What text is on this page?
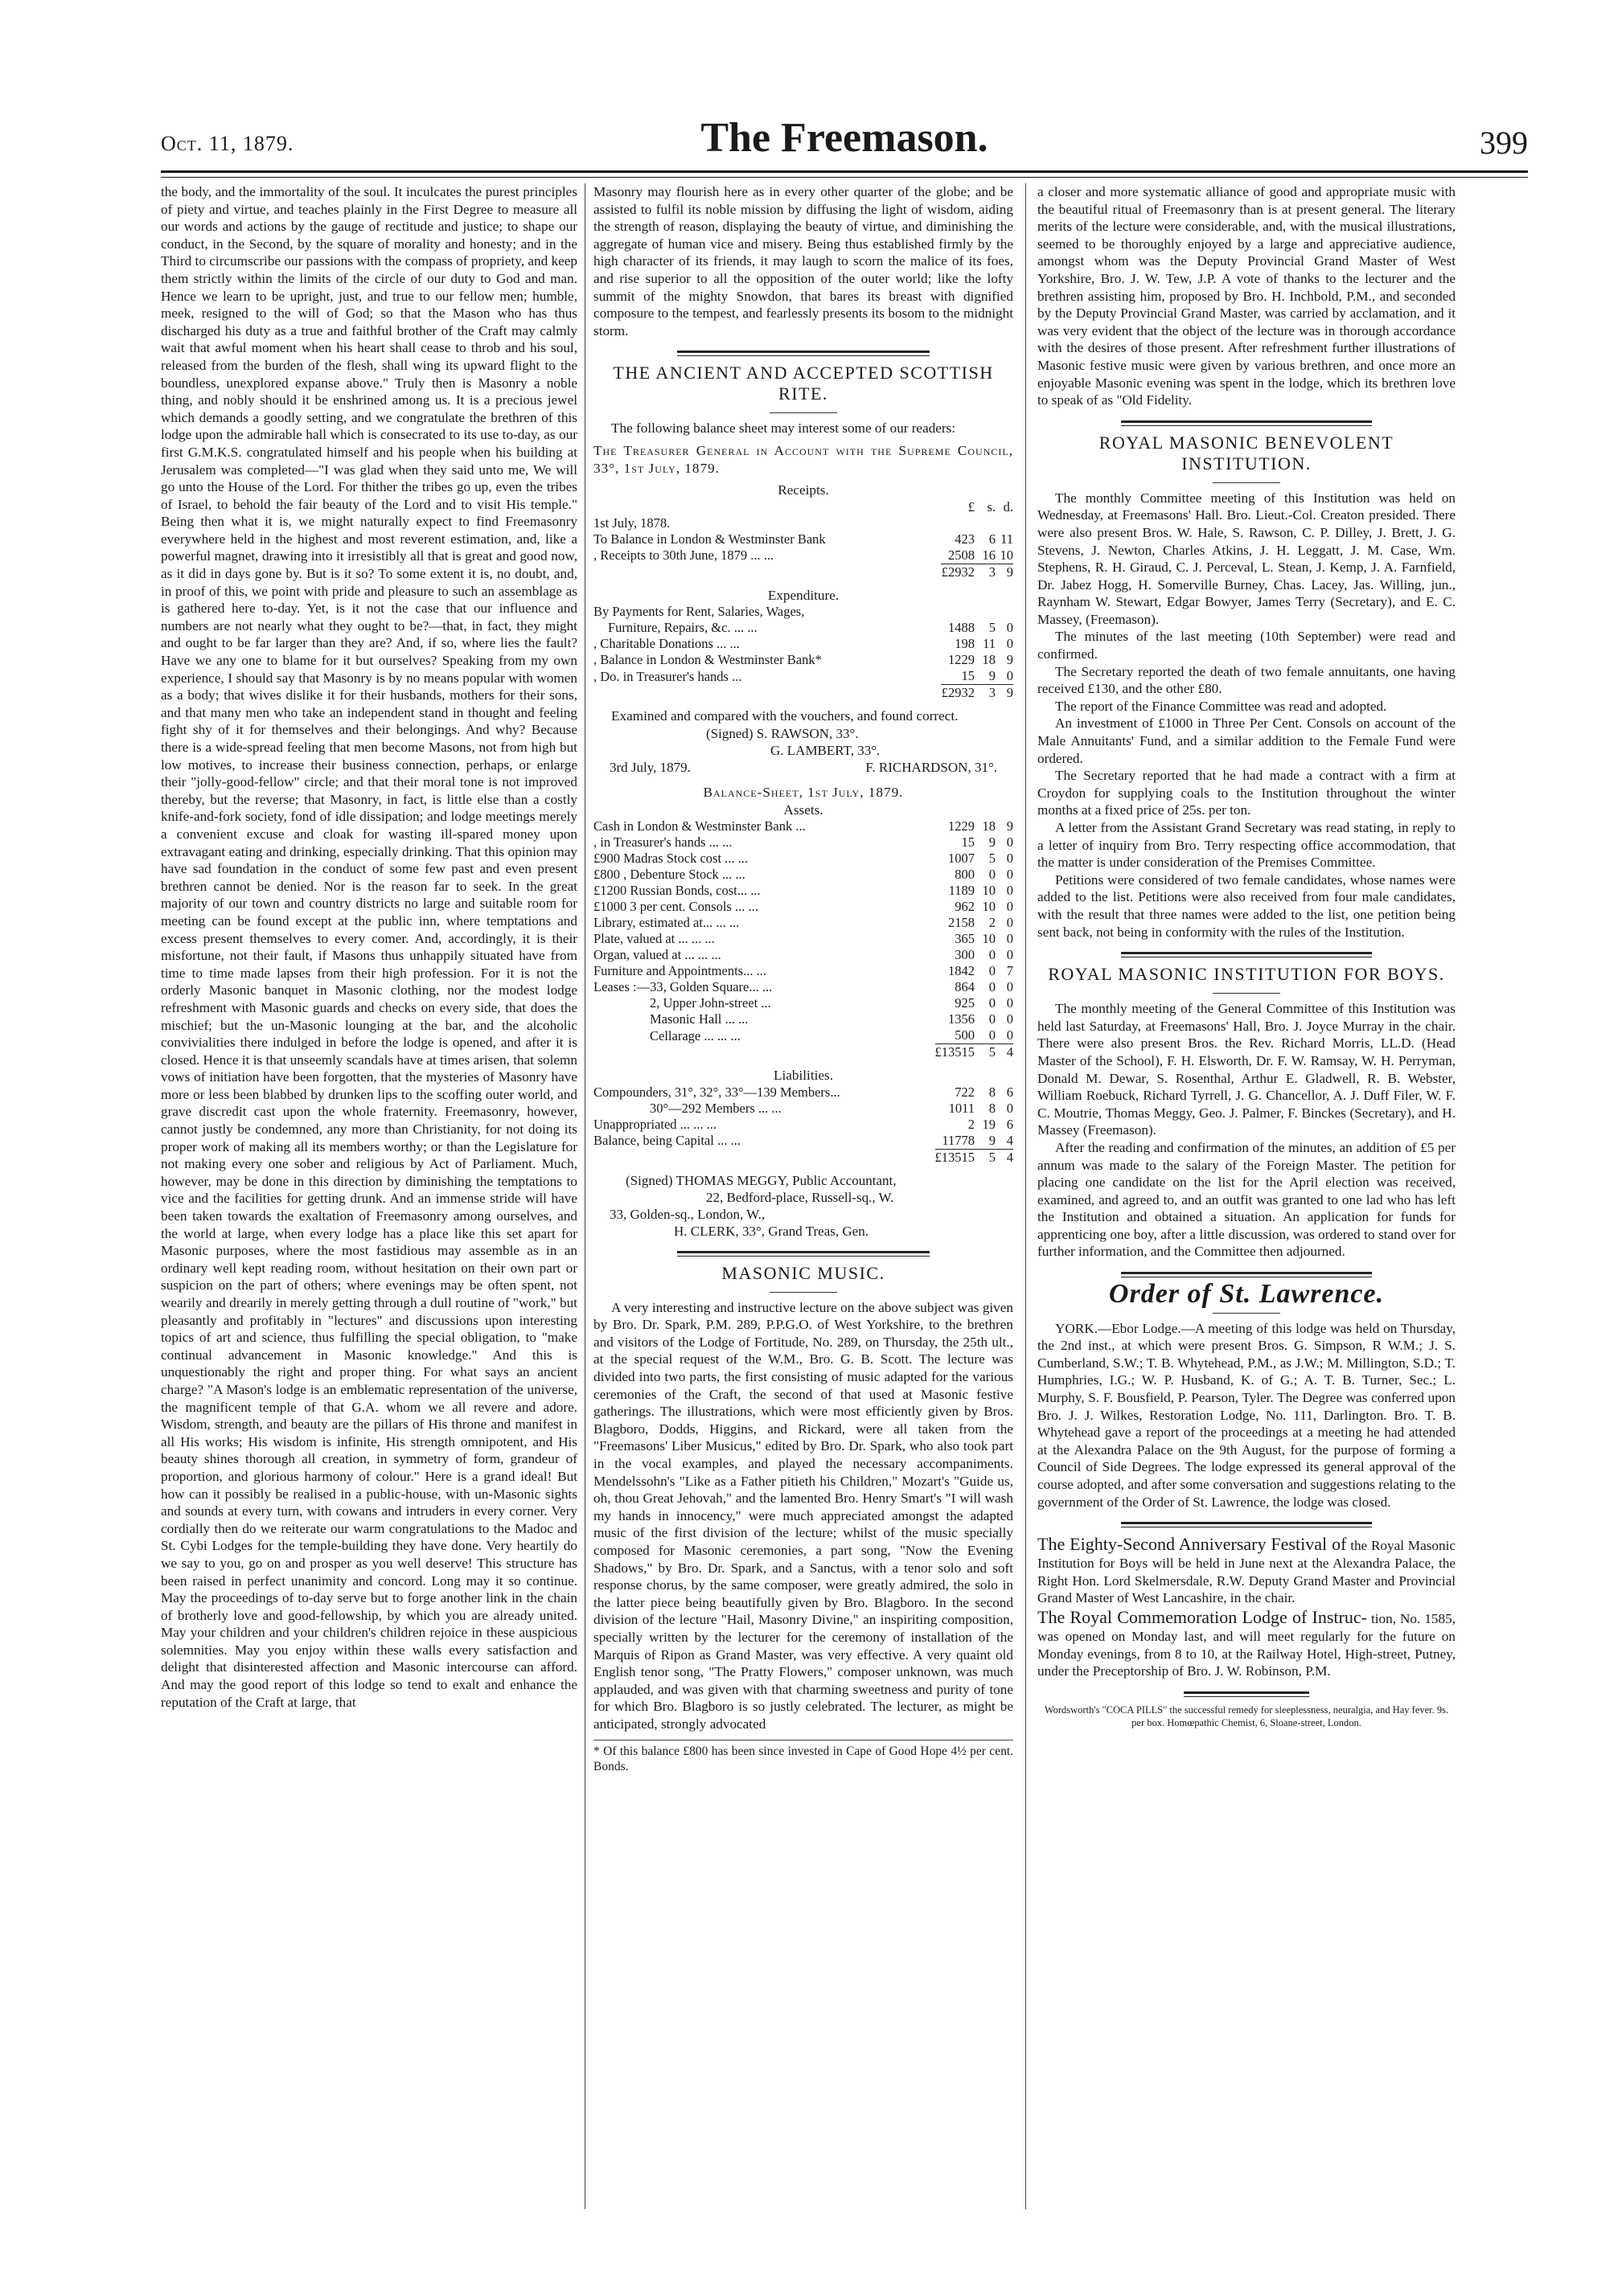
Oct. 11, 1879.	The Freemason.	399

the body, and the immortality of the soul. It inculcates the purest principles of piety and virtue, and teaches plainly in the First Degree to measure all our words and actions by the gauge of rectitude and justice; to shape our conduct, in the Second, by the square of morality and honesty; and in the Third to circumscribe our passions with the compass of propriety, and keep them strictly within the limits of the circle of our duty to God and man. Hence we learn to be upright, just, and true to our fellow men; humble, meek, resigned to the will of God; so that the Mason who has thus discharged his duty as a true and faithful brother of the Craft may calmly wait that awful moment when his heart shall cease to throb and his soul, released from the burden of the flesh, shall wing its upward flight to the boundless, unexplored expanse above." Truly then is Masonry a noble thing, and nobly should it be enshrined among us. It is a precious jewel which demands a goodly setting, and we congratulate the brethren of this lodge upon the admirable hall which is consecrated to its use to-day, as our first G.M.K.S. congratulated himself and his people when his building at Jerusalem was completed—"I was glad when they said unto me, We will go unto the House of the Lord. For thither the tribes go up, even the tribes of Israel, to behold the fair beauty of the Lord and to visit His temple." Being then what it is, we might naturally expect to find Freemasonry everywhere held in the highest and most reverent estimation, and, like a powerful magnet, drawing into it irresistibly all that is great and good now, as it did in days gone by. But is it so? To some extent it is, no doubt, and, in proof of this, we point with pride and pleasure to such an assemblage as is gathered here to-day. Yet, is it not the case that our influence and numbers are not nearly what they ought to be?—that, in fact, they might and ought to be far larger than they are? And, if so, where lies the fault? Have we any one to blame for it but ourselves? Speaking from my own experience, I should say that Masonry is by no means popular with women as a body; that wives dislike it for their husbands, mothers for their sons, and that many men who take an independent stand in thought and feeling fight shy of it for themselves and their belongings. And why? Because there is a wide-spread feeling that men become Masons, not from high but low motives, to increase their business connection, perhaps, or enlarge their "jolly-good-fellow" circle; and that their moral tone is not improved thereby, but the reverse; that Masonry, in fact, is little else than a costly knife-and-fork society, fond of idle dissipation; and lodge meetings merely a convenient excuse and cloak for wasting ill-spared money upon extravagant eating and drinking, especially drinking. That this opinion may have sad foundation in the conduct of some few past and even present brethren cannot be denied. Nor is the reason far to seek. In the great majority of our town and country districts no large and suitable room for meeting can be found except at the public inn, where temptations and excess present themselves to every comer. And, accordingly, it is their misfortune, not their fault, if Masons thus unhappily situated have from time to time made lapses from their high profession. For it is not the orderly Masonic banquet in Masonic clothing, nor the modest lodge refreshment with Masonic guards and checks on every side, that does the mischief; but the un-Masonic lounging at the bar, and the alcoholic convivialities there indulged in before the lodge is opened, and after it is closed. Hence it is that unseemly scandals have at times arisen, that solemn vows of initiation have been forgotten, that the mysteries of Masonry have more or less been blabbed by drunken lips to the scoffing outer world, and grave discredit cast upon the whole fraternity. Freemasonry, however, cannot justly be condemned, any more than Christianity, for not doing its proper work of making all its members worthy; or than the Legislature for not making every one sober and religious by Act of Parliament. Much, however, may be done in this direction by diminishing the temptations to vice and the facilities for getting drunk. And an immense stride will have been taken towards the exaltation of Freemasonry among ourselves, and the world at large, when every lodge has a place like this set apart for Masonic purposes, where the most fastidious may assemble as in an ordinary well kept reading room, without hesitation on their own part or suspicion on the part of others; where evenings may be often spent, not wearily and drearily in merely getting through a dull routine of "work," but pleasantly and profitably in "lectures" and discussions upon interesting topics of art and science, thus fulfilling the special obligation, to "make continual advancement in Masonic knowledge." And this is unquestionably the right and proper thing. For what says an ancient charge? "A Mason's lodge is an emblematic representation of the universe, the magnificent temple of that G.A. whom we all revere and adore. Wisdom, strength, and beauty are the pillars of His throne and manifest in all His works; His wisdom is infinite, His strength omnipotent, and His beauty shines thorough all creation, in symmetry of form, grandeur of proportion, and glorious harmony of colour." Here is a grand ideal! But how can it possibly be realised in a public-house, with un-Masonic sights and sounds at every turn, with cowans and intruders in every corner. Very cordially then do we reiterate our warm congratulations to the Madoc and St. Cybi Lodges for the temple-building they have done. Very heartily do we say to you, go on and prosper as you well deserve! This structure has been raised in perfect unanimity and concord. Long may it so continue. May the proceedings of to-day serve but to forge another link in the chain of brotherly love and good-fellowship, by which you are already united. May your children and your children's children rejoice in these auspicious solemnities. May you enjoy within these walls every satisfaction and delight that disinterested affection and Masonic intercourse can afford. And may the good report of this lodge so tend to exalt and enhance the reputation of the Craft at large, that

Masonry may flourish here as in every other quarter of the globe; and be assisted to fulfil its noble mission by diffusing the light of wisdom, aiding the strength of reason, displaying the beauty of virtue, and diminishing the aggregate of human vice and misery. Being thus established firmly by the high character of its friends, it may laugh to scorn the malice of its foes, and rise superior to all the opposition of the outer world; like the lofty summit of the mighty Snowdon, that bares its breast with dignified composure to the tempest, and fearlessly presents its bosom to the midnight storm.

THE ANCIENT AND ACCEPTED SCOTTISH RITE.

The following balance sheet may interest some of our readers:

The Treasurer General in Account with the Supreme Council, 33°, 1st July, 1879.

Receipts.
	£	s.	d.
1st July, 1878.			
To Balance in London & Westminster Bank	423	6	11
, Receipts to 30th June, 1879 ... ...	2508	16	10
	£2932	3	9
Expenditure.
By Payments for Rent, Salaries, Wages,			
Furniture, Repairs, &c. ... ...	1488	5	0
, Charitable Donations ... ...	198	11	0
, Balance in London & Westminster Bank*	1229	18	9
, Do. in Treasurer's hands ...	15	9	0
	£2932	3	9

Examined and compared with the vouchers, and found correct.

(Signed) S. RAWSON, 33°.
G. LAMBERT, 33°.
3rd July, 1879.	F. RICHARDSON, 31°.
Balance-Sheet, 1st July, 1879.
Assets.
Cash in London & Westminster Bank ...	1229	18	9
, in Treasurer's hands ... ...	15	9	0
£900 Madras Stock cost ... ...	1007	5	0
£800 , Debenture Stock ... ...	800	0	0
£1200 Russian Bonds, cost... ...	1189	10	0
£1000 3 per cent. Consols ... ...	962	10	0
Library, estimated at... ... ...	2158	2	0
Plate, valued at ... ... ...	365	10	0
Organ, valued at ... ... ...	300	0	0
Furniture and Appointments... ...	1842	0	7
Leases :—33, Golden Square... ...	864	0	0
2, Upper John-street ...	925	0	0
Masonic Hall ... ...	1356	0	0
Cellarage ... ... ...	500	0	0
	£13515	5	4
Liabilities.
Compounders, 31°, 32°, 33°—139 Members...	722	8	6
30°—292 Members ... ...	1011	8	0
Unappropriated ... ... ...	2	19	6
Balance, being Capital ... ...	11778	9	4
	£13515	5	4
(Signed) THOMAS MEGGY, Public Accountant,
22, Bedford-place, Russell-sq., W.
33, Golden-sq., London, W.,
H. CLERK, 33°, Grand Treas, Gen.
MASONIC MUSIC.

A very interesting and instructive lecture on the above subject was given by Bro. Dr. Spark, P.M. 289, P.P.G.O. of West Yorkshire, to the brethren and visitors of the Lodge of Fortitude, No. 289, on Thursday, the 25th ult., at the special request of the W.M., Bro. G. B. Scott. The lecture was divided into two parts, the first consisting of music adapted for the various ceremonies of the Craft, the second of that used at Masonic festive gatherings. The illustrations, which were most efficiently given by Bros. Blagboro, Dodds, Higgins, and Rickard, were all taken from the "Freemasons' Liber Musicus," edited by Bro. Dr. Spark, who also took part in the vocal examples, and played the necessary accompaniments. Mendelssohn's "Like as a Father pitieth his Children," Mozart's "Guide us, oh, thou Great Jehovah," and the lamented Bro. Henry Smart's "I will wash my hands in innocency," were much appreciated amongst the adapted music of the first division of the lecture; whilst of the music specially composed for Masonic ceremonies, a part song, "Now the Evening Shadows," by Bro. Dr. Spark, and a Sanctus, with a tenor solo and soft response chorus, by the same composer, were greatly admired, the solo in the latter piece being beautifully given by Bro. Blagboro. In the second division of the lecture "Hail, Masonry Divine," an inspiriting composition, specially written by the lecturer for the ceremony of installation of the Marquis of Ripon as Grand Master, was very effective. A very quaint old English tenor song, "The Pratty Flowers," composer unknown, was much applauded, and was given with that charming sweetness and purity of tone for which Bro. Blagboro is so justly celebrated. The lecturer, as might be anticipated, strongly advocated

* Of this balance £800 has been since invested in Cape of Good Hope 4½ per cent. Bonds.

a closer and more systematic alliance of good and appropriate music with the beautiful ritual of Freemasonry than is at present general. The literary merits of the lecture were considerable, and, with the musical illustrations, seemed to be thoroughly enjoyed by a large and appreciative audience, amongst whom was the Deputy Provincial Grand Master of West Yorkshire, Bro. J. W. Tew, J.P. A vote of thanks to the lecturer and the brethren assisting him, proposed by Bro. H. Inchbold, P.M., and seconded by the Deputy Provincial Grand Master, was carried by acclamation, and it was very evident that the object of the lecture was in thorough accordance with the desires of those present. After refreshment further illustrations of Masonic festive music were given by various brethren, and once more an enjoyable Masonic evening was spent in the lodge, which its brethren love to speak of as "Old Fidelity.

ROYAL MASONIC BENEVOLENT INSTITUTION.

The monthly Committee meeting of this Institution was held on Wednesday, at Freemasons' Hall. Bro. Lieut.-Col. Creaton presided. There were also present Bros. W. Hale, S. Rawson, C. P. Dilley, J. Brett, J. G. Stevens, J. Newton, Charles Atkins, J. H. Leggatt, J. M. Case, Wm. Stephens, R. H. Giraud, C. J. Perceval, L. Stean, J. Kemp, J. A. Farnfield, Dr. Jabez Hogg, H. Somerville Burney, Chas. Lacey, Jas. Willing, jun., Raynham W. Stewart, Edgar Bowyer, James Terry (Secretary), and E. C. Massey, (Freemason).

The minutes of the last meeting (10th September) were read and confirmed.

The Secretary reported the death of two female annuitants, one having received £130, and the other £80.

The report of the Finance Committee was read and adopted.

An investment of £1000 in Three Per Cent. Consols on account of the Male Annuitants' Fund, and a similar addition to the Female Fund were ordered.

The Secretary reported that he had made a contract with a firm at Croydon for supplying coals to the Institution throughout the winter months at a fixed price of 25s. per ton.

A letter from the Assistant Grand Secretary was read stating, in reply to a letter of inquiry from Bro. Terry respecting office accommodation, that the matter is under consideration of the Premises Committee.

Petitions were considered of two female candidates, whose names were added to the list. Petitions were also received from four male candidates, with the result that three names were added to the list, one petition being sent back, not being in conformity with the rules of the Institution.

ROYAL MASONIC INSTITUTION FOR BOYS.

The monthly meeting of the General Committee of this Institution was held last Saturday, at Freemasons' Hall, Bro. J. Joyce Murray in the chair. There were also present Bros. the Rev. Richard Morris, LL.D. (Head Master of the School), F. H. Elsworth, Dr. F. W. Ramsay, W. H. Perryman, Donald M. Dewar, S. Rosenthal, Arthur E. Gladwell, R. B. Webster, William Roebuck, Richard Tyrrell, J. G. Chancellor, A. J. Duff Filer, W. F. C. Moutrie, Thomas Meggy, Geo. J. Palmer, F. Binckes (Secretary), and H. Massey (Freemason).

After the reading and confirmation of the minutes, an addition of £5 per annum was made to the salary of the Foreign Master. The petition for placing one candidate on the list for the April election was received, examined, and agreed to, and an outfit was granted to one lad who has left the Institution and obtained a situation. An application for funds for apprenticing one boy, after a little discussion, was ordered to stand over for further information, and the Committee then adjourned.

Order of St. Lawrence.

YORK.—Ebor Lodge.—A meeting of this lodge was held on Thursday, the 2nd inst., at which were present Bros. G. Simpson, R W.M.; J. S. Cumberland, S.W.; T. B. Whytehead, P.M., as J.W.; M. Millington, S.D.; T. Humphries, I.G.; W. P. Husband, K. of G.; A. T. B. Turner, Sec.; L. Murphy, S. F. Bousfield, P. Pearson, Tyler. The Degree was conferred upon Bro. J. J. Wilkes, Restoration Lodge, No. 111, Darlington. Bro. T. B. Whytehead gave a report of the proceedings at a meeting he had attended at the Alexandra Palace on the 9th August, for the purpose of forming a Council of Side Degrees. The lodge expressed its general approval of the course adopted, and after some conversation and suggestions relating to the government of the Order of St. Lawrence, the lodge was closed.

The Eighty-Second Anniversary Festival of the Royal Masonic Institution for Boys will be held in June next at the Alexandra Palace, the Right Hon. Lord Skelmersdale, R.W. Deputy Grand Master and Provincial Grand Master of West Lancashire, in the chair.

The Royal Commemoration Lodge of Instruc- tion, No. 1585, was opened on Monday last, and will meet regularly for the future on Monday evenings, from 8 to 10, at the Railway Hotel, High-street, Putney, under the Preceptorship of Bro. J. W. Robinson, P.M.

Wordsworth's "COCA PILLS" the successful remedy for sleeplessness, neuralgia, and Hay fever. 9s. per box. Homœpathic Chemist, 6, Sloane-street, London.
